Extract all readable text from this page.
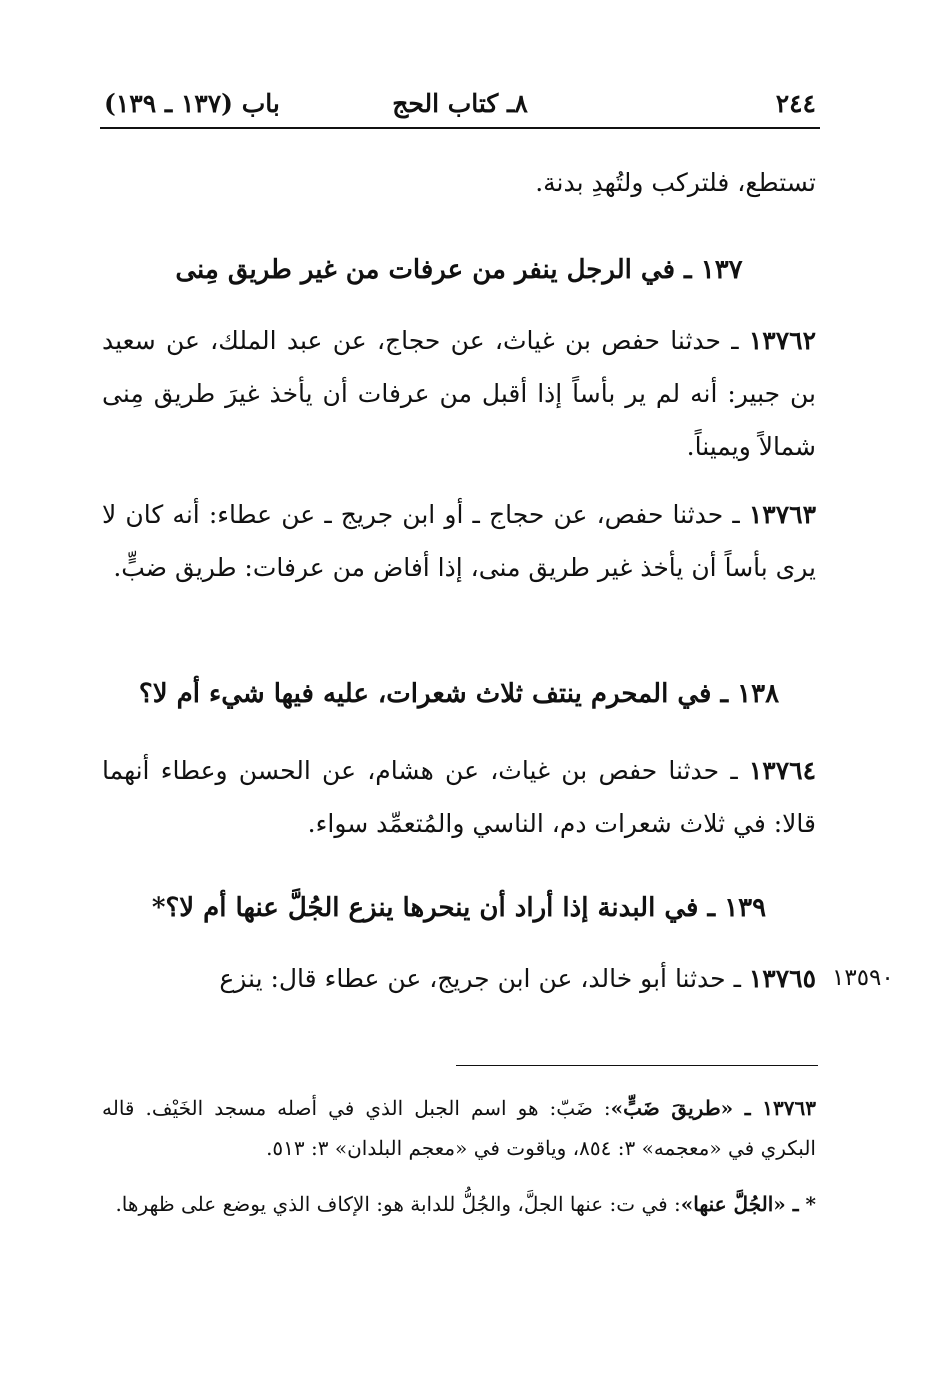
٢٤٤
٨ـ كتاب الحج
باب (١٣٧ ـ ١٣٩)
تستطع، فلتركب ولتُهدِ بدنة.
١٣٧ ـ في الرجل ينفر من عرفات من غير طريق مِنى
١٣٧٦٢ ـ حدثنا حفص بن غياث، عن حجاج، عن عبد الملك، عن سعيد بن جبير: أنه لم ير بأساً إذا أقبل من عرفات أن يأخذ غيرَ طريق مِنى شمالاً ويميناً.
١٣٧٦٣ ـ حدثنا حفص، عن حجاج ـ أو ابن جريج ـ عن عطاء: أنه كان لا يرى بأساً أن يأخذ غير طريق منى، إذا أفاض من عرفات: طريق ضبٍّ.
١٣٨ ـ في المحرم ينتف ثلاث شعرات، عليه فيها شيء أم لا؟
١٣٧٦٤ ـ حدثنا حفص بن غياث، عن هشام، عن الحسن وعطاء أنهما قالا: في ثلاث شعرات دم، الناسي والمُتعمِّد سواء.
١٣٩ ـ في البدنة إذا أراد أن ينحرها ينزع الجُلَّ عنها أم لا؟*
١٣٧٦٥ ـ حدثنا أبو خالد، عن ابن جريج، عن عطاء قال: ينزع	١٣٥٩٠
١٣٧٦٣ ـ «طريقَ ضَبٍّ»: ضَبّ: هو اسم الجبل الذي في أصله مسجد الخَيْف. قاله البكري في «معجمه» ٣: ٨٥٤، وياقوت في «معجم البلدان» ٣: ٥١٣.
* ـ «الجُلَّ عنها»: في ت: عنها الجلَّ، والجُلُّ للدابة هو: الإكاف الذي يوضع على ظهرها.
